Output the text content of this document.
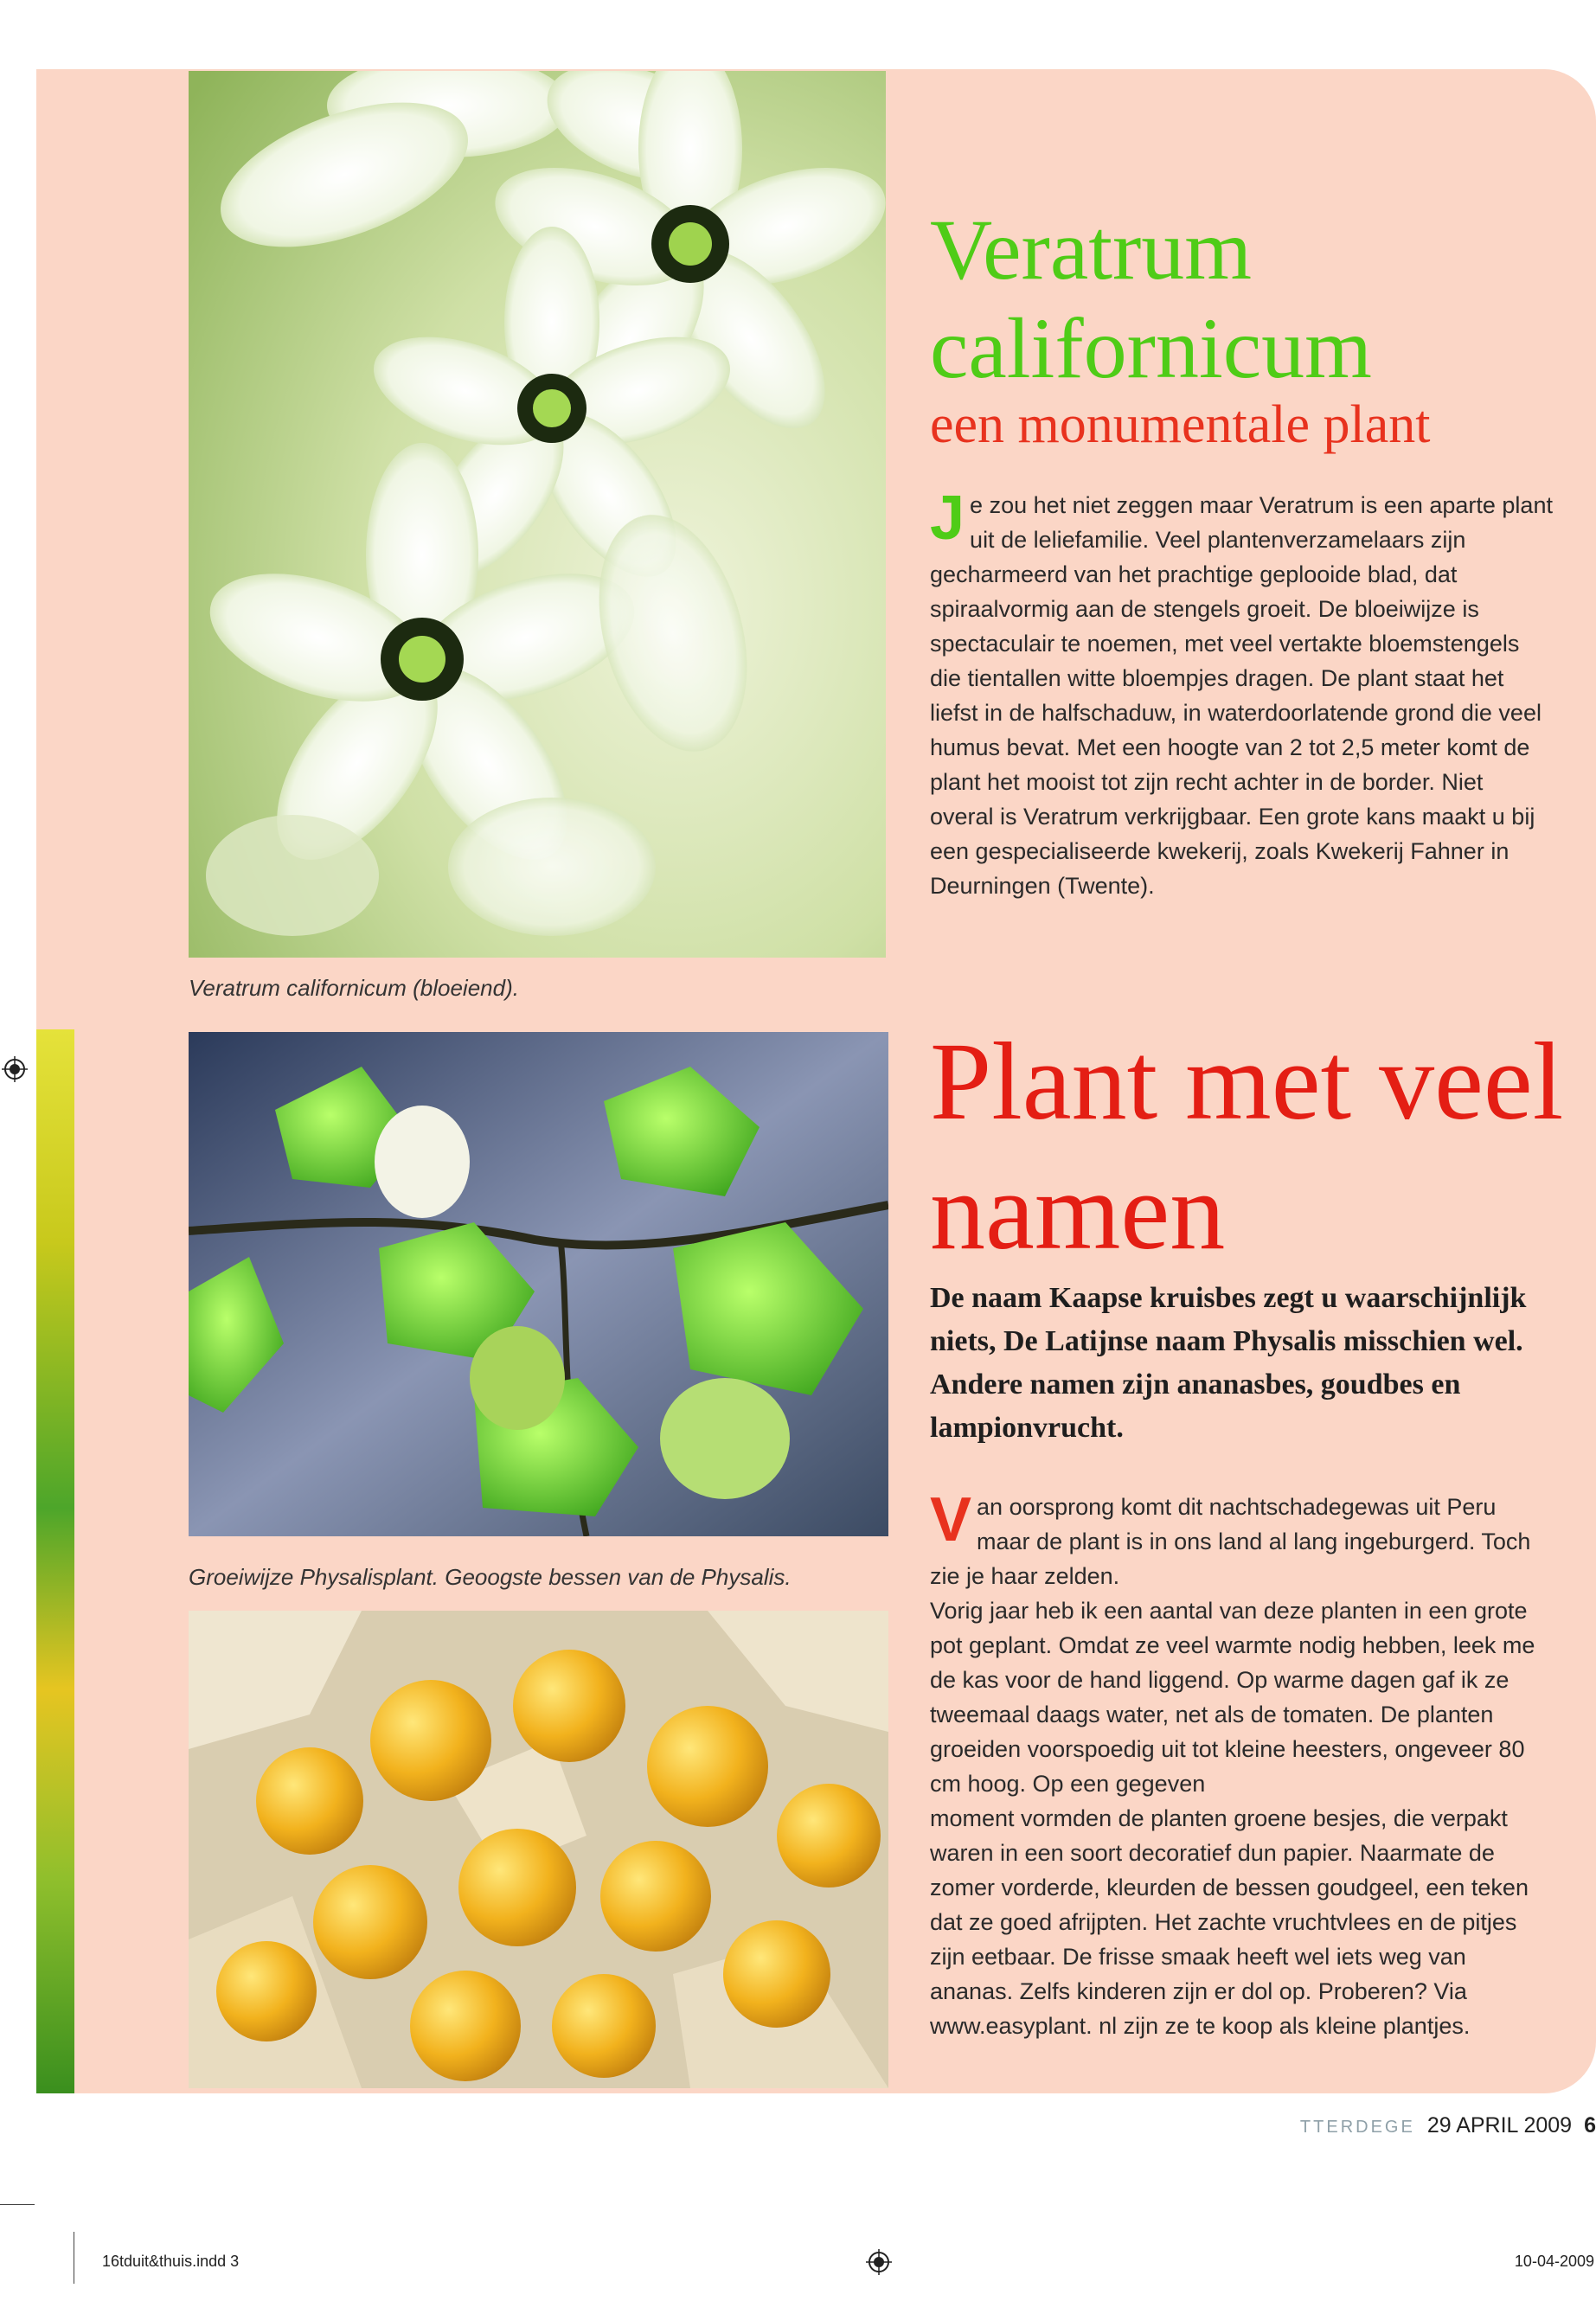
Veratrum californicum (bloeiend).
Groeiwijze Physalisplant. Geoogste bessen van de Physalis.
Veratrum californicum
een monumentale plant
Je zou het niet zeggen maar Veratrum is een aparte plant uit de leliefamilie. Veel plantenverzamelaars zijn gecharmeerd van het prachtige geplooide blad, dat spiraalvormig aan de stengels groeit. De bloeiwijze is spectaculair te noemen, met veel vertakte bloemstengels die tientallen witte bloempjes dragen. De plant staat het liefst in de halfschaduw, in waterdoorlatende grond die veel humus bevat. Met een hoogte van 2 tot 2,5 meter komt de plant het mooist tot zijn recht achter in de border. Niet overal is Veratrum verkrijgbaar. Een grote kans maakt u bij een gespecialiseerde kwekerij, zoals Kwekerij Fahner in Deurningen (Twente).
Plant met veel namen
De naam Kaapse kruisbes zegt u waarschijnlijk niets, De Latijnse naam Physalis misschien wel. Andere namen zijn ananasbes, goudbes en lampionvrucht.
Van oorsprong komt dit nachtschadegewas uit Peru maar de plant is in ons land al lang ingeburgerd. Toch zie je haar zelden.
Vorig jaar heb ik een aantal van deze planten in een grote pot geplant. Omdat ze veel warmte nodig hebben, leek me de kas voor de hand liggend. Op warme dagen gaf ik ze tweemaal daags water, net als de tomaten. De planten groeiden voorspoedig uit tot kleine heesters, ongeveer 80 cm hoog. Op een gegeven
moment vormden de planten groene besjes, die verpakt waren in een soort decoratief dun papier. Naarmate de zomer vorderde, kleurden de bessen goudgeel, een teken dat ze goed afrijpten. Het zachte vruchtvlees en de pitjes zijn eetbaar. De frisse smaak heeft wel iets weg van ananas. Zelfs kinderen zijn er dol op. Proberen? Via www.easyplant. nl zijn ze te koop als kleine plantjes.
TTERDEGE 29 APRIL 2009 6
16tduit&thuis.indd 3	10-04-2009
